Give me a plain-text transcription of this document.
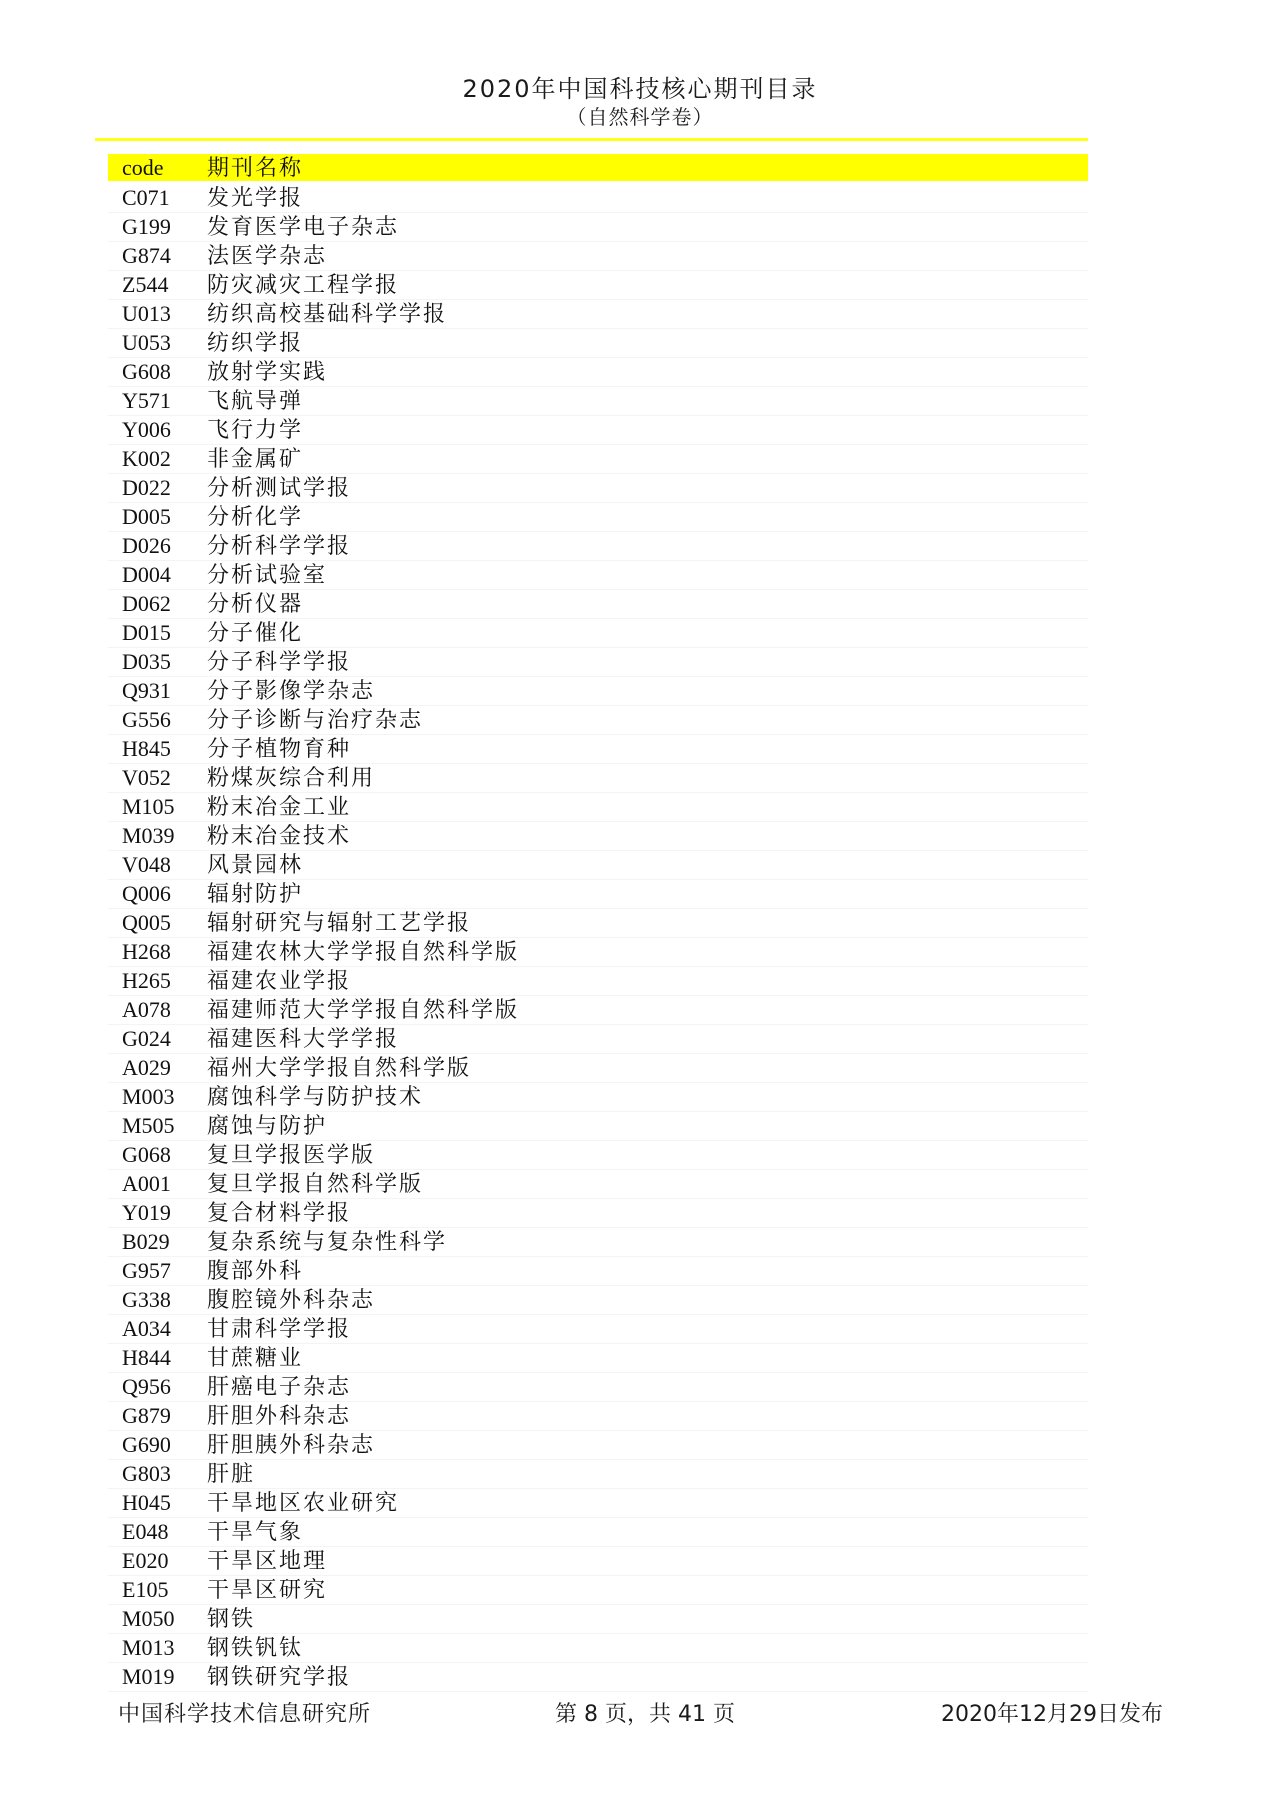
2020年中国科技核心期刊目录
（自然科学卷）
code	期刊名称
C071	发光学报
G199	发育医学电子杂志
G874	法医学杂志
Z544	防灾减灾工程学报
U013	纺织高校基础科学学报
U053	纺织学报
G608	放射学实践
Y571	飞航导弹
Y006	飞行力学
K002	非金属矿
D022	分析测试学报
D005	分析化学
D026	分析科学学报
D004	分析试验室
D062	分析仪器
D015	分子催化
D035	分子科学学报
Q931	分子影像学杂志
G556	分子诊断与治疗杂志
H845	分子植物育种
V052	粉煤灰综合利用
M105	粉末冶金工业
M039	粉末冶金技术
V048	风景园林
Q006	辐射防护
Q005	辐射研究与辐射工艺学报
H268	福建农林大学学报自然科学版
H265	福建农业学报
A078	福建师范大学学报自然科学版
G024	福建医科大学学报
A029	福州大学学报自然科学版
M003	腐蚀科学与防护技术
M505	腐蚀与防护
G068	复旦学报医学版
A001	复旦学报自然科学版
Y019	复合材料学报
B029	复杂系统与复杂性科学
G957	腹部外科
G338	腹腔镜外科杂志
A034	甘肃科学学报
H844	甘蔗糖业
Q956	肝癌电子杂志
G879	肝胆外科杂志
G690	肝胆胰外科杂志
G803	肝脏
H045	干旱地区农业研究
E048	干旱气象
E020	干旱区地理
E105	干旱区研究
M050	钢铁
M013	钢铁钒钛
M019	钢铁研究学报
中国科学技术信息研究所	第 8 页，共 41 页	2020年12月29日发布
